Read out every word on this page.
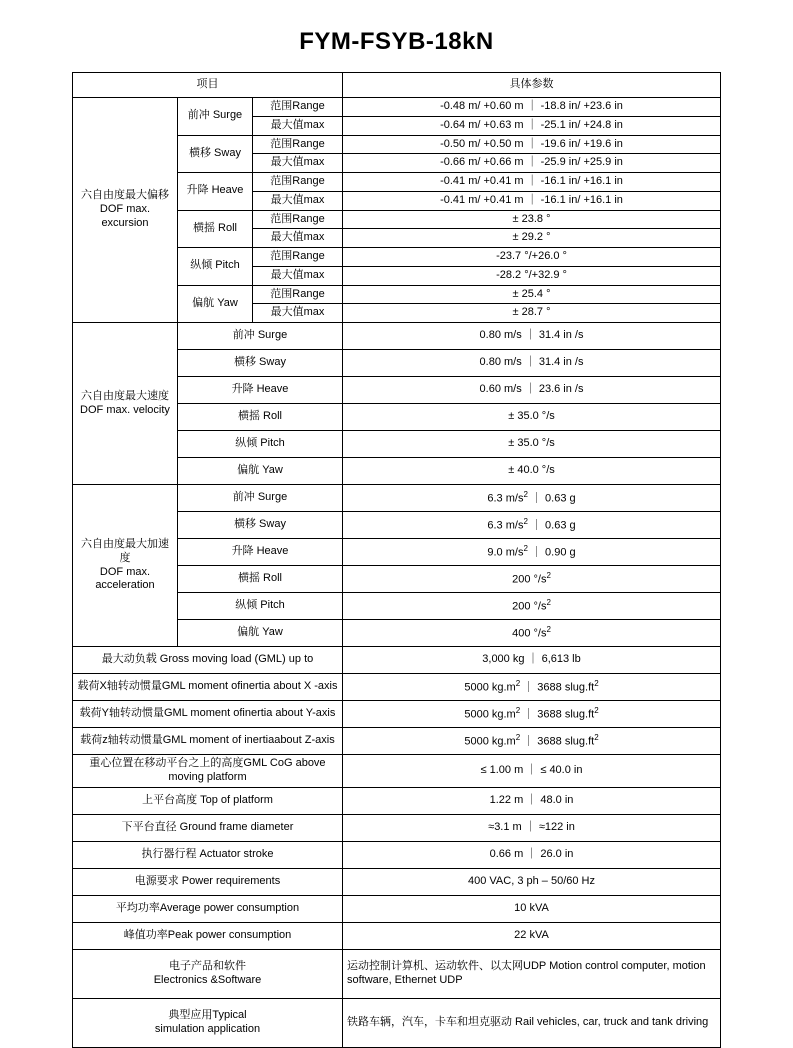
FYM-FSYB-18kN
项目			具体参数

六自由度最大偏移
DOF max. excursion	前冲 Surge	范围Range	-0.48 m/ +0.60 m ｜ -18.8 in/ +23.6 in
		最大值max	-0.64 m/ +0.63 m ｜ -25.1 in/ +24.8 in
	横移 Sway	范围Range	-0.50 m/ +0.50 m ｜ -19.6 in/ +19.6 in
		最大值max	-0.66 m/ +0.66 m ｜ -25.9 in/ +25.9 in
	升降 Heave	范围Range	-0.41 m/ +0.41 m ｜ -16.1 in/ +16.1 in
		最大值max	-0.41 m/ +0.41 m ｜ -16.1 in/ +16.1 in
	横摇 Roll	范围Range	± 23.8 °
		最大值max	± 29.2 °
	纵倾 Pitch	范围Range	-23.7 °/+26.0 °
		最大值max	-28.2 °/+32.9 °
	偏航 Yaw	范围Range	± 25.4 °
		最大值max	± 28.7 °

六自由度最大速度
DOF max. velocity	前冲 Surge		0.80 m/s ｜ 31.4 in /s
	横移 Sway		0.80 m/s ｜ 31.4 in /s
	升降 Heave		0.60 m/s ｜ 23.6 in /s
	横摇 Roll		± 35.0 °/s
	纵倾 Pitch		± 35.0 °/s
	偏航 Yaw		± 40.0 °/s

六自由度最大加速度
DOF max. acceleration	前冲 Surge		6.3 $m/s^2$ ｜ 0.63 g
	横移 Sway		6.3 $m/s^2$ ｜ 0.63 g
	升降 Heave		9.0 $m/s^2$ ｜ 0.90 g
	横摇 Roll		200 $^\circ/s^2$
	纵倾 Pitch		200 $^\circ/s^2$
	偏航 Yaw		400 $^\circ/s^2$
最大动负载 Gross moving load (GML) up to			3,000 kg ｜ 6,613 lb
载荷X轴转动惯量GML moment ofinertia about X -axis			5000 $kg.m^2$ ｜ 3688 $slug.ft^2$
载荷Y轴转动惯量GML moment ofinertia about Y-axis			5000 $kg.m^2$ ｜ 3688 $slug.ft^2$
载荷z轴转动惯量GML moment of inertiaabout Z-axis			5000 $kg.m^2$ ｜ 3688 $slug.ft^2$
重心位置在移动平台之上的高度GML CoG above moving platform			≤ 1.00 m ｜ ≤ 40.0 in
上平台高度 Top of platform			1.22 m ｜ 48.0 in
下平台直径 Ground frame diameter			≈3.1 m ｜ ≈122 in
执行器行程 Actuator stroke			0.66 m ｜ 26.0 in
电源要求 Power requirements			400 VAC, 3 ph – 50/60 Hz
平均功率Average power consumption			10 kVA
峰值功率Peak power consumption			22 kVA

电子产品和软件
Electronics &Software			运动控制计算机、运动软件、以太网UDP Motion control computer, motion software, Ethernet UDP

典型应用Typical
simulation application			铁路车辆，汽车，卡车和坦克驱动 Rail vehicles, car, truck and tank driving
